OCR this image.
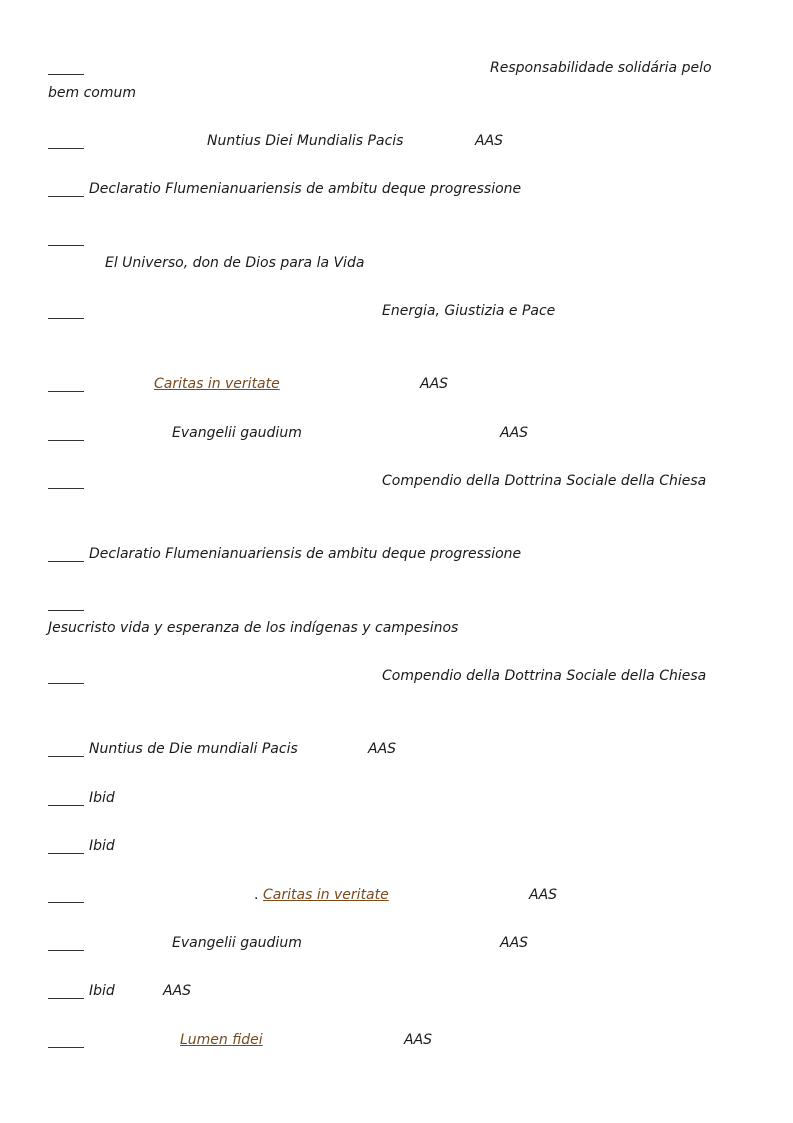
Responsabilidade solidária pelo
bem comum
Nuntius Diei Mundialis Pacis	AAS
Declaratio Flumenianuariensis de ambitu deque progressione
El Universo, don de Dios para la Vida
Energia, Giustizia e Pace
Caritas in veritate	AAS
Evangelii gaudium	AAS
Compendio della Dottrina Sociale della Chiesa
Declaratio Flumenianuariensis de ambitu deque progressione
Jesucristo vida y esperanza de los indígenas y campesinos
Compendio della Dottrina Sociale della Chiesa
Nuntius de Die mundiali Pacis	AAS
Ibid
Ibid
. Caritas in veritate	AAS
Evangelii gaudium	AAS
Ibid	AAS
Lumen fidei	AAS
